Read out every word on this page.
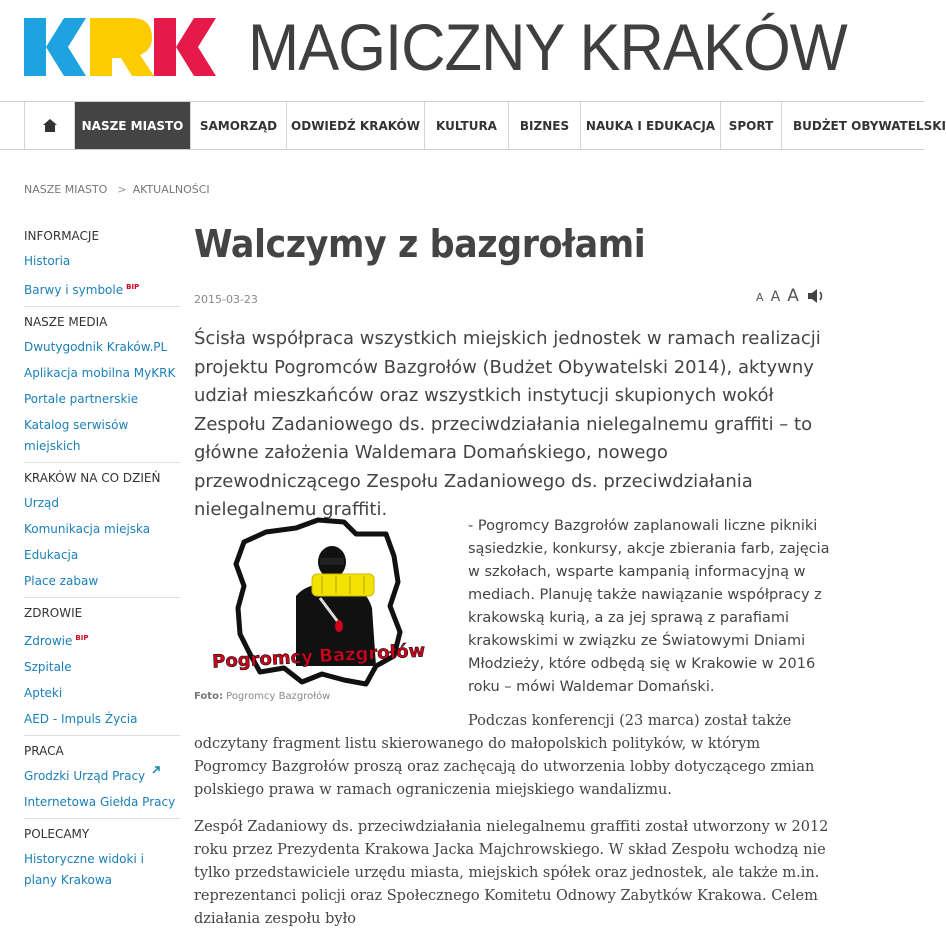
MAGICZNY KRAKÓW
NASZE MIASTO	SAMORZĄD	ODWIEDŹ KRAKÓW	KULTURA	BIZNES	NAUKA I EDUKACJA	SPORT	BUDŻET OBYWATELSKI
NASZE MIASTO > AKTUALNOŚCI
INFORMACJE
Historia
Barwy i symbole $^{BIP}$
NASZE MEDIA
Dwutygodnik Kraków.PL
Aplikacja mobilna MyKRK
Portale partnerskie
Katalog serwisów miejskich
KRAKÓW NA CO DZIEŃ
Urząd
Komunikacja miejska
Edukacja
Place zabaw
ZDROWIE
Zdrowie $^{BIP}$
Szpitale
Apteki
AED - Impuls Życia
PRACA
Grodzki Urząd Pracy
Internetowa Giełda Pracy
POLECAMY
Historyczne widoki i plany Krakowa
Walczymy z bazgrołami
2015-03-23	A A A
Ścisła współpraca wszystkich miejskich jednostek w ramach realizacji projektu Pogromców Bazgrołów (Budżet Obywatelski 2014), aktywny udział mieszkańców oraz wszystkich instytucji skupionych wokół Zespołu Zadaniowego ds. przeciwdziałania nielegalnemu graffiti – to główne założenia Waldemara Domańskiego, nowego przewodniczącego Zespołu Zadaniowego ds. przeciwdziałania nielegalnemu graffiti.
Pogromcy Bazgrołów
Foto: Pogromcy Bazgrołów
- Pogromcy Bazgrołów zaplanowali liczne pikniki sąsiedzkie, konkursy, akcje zbierania farb, zajęcia w szkołach, wsparte kampanią informacyjną w mediach. Planuję także nawiązanie współpracy z krakowską kurią, a za jej sprawą z parafiami krakowskimi w związku ze Światowymi Dniami Młodzieży, które odbędą się w Krakowie w 2016 roku – mówi Waldemar Domański.
Podczas konferencji (23 marca) został także odczytany fragment listu skierowanego do małopolskich polityków, w którym Pogromcy Bazgrołów proszą oraz zachęcają do utworzenia lobby dotyczącego zmian polskiego prawa w ramach ograniczenia miejskiego wandalizmu.
Zespół Zadaniowy ds. przeciwdziałania nielegalnemu graffiti został utworzony w 2012 roku przez Prezydenta Krakowa Jacka Majchrowskiego. W skład Zespołu wchodzą nie tylko przedstawiciele urzędu miasta, miejskich spółek oraz jednostek, ale także m.in. reprezentanci policji oraz Społecznego Komitetu Odnowy Zabytków Krakowa. Celem działania zespołu było
